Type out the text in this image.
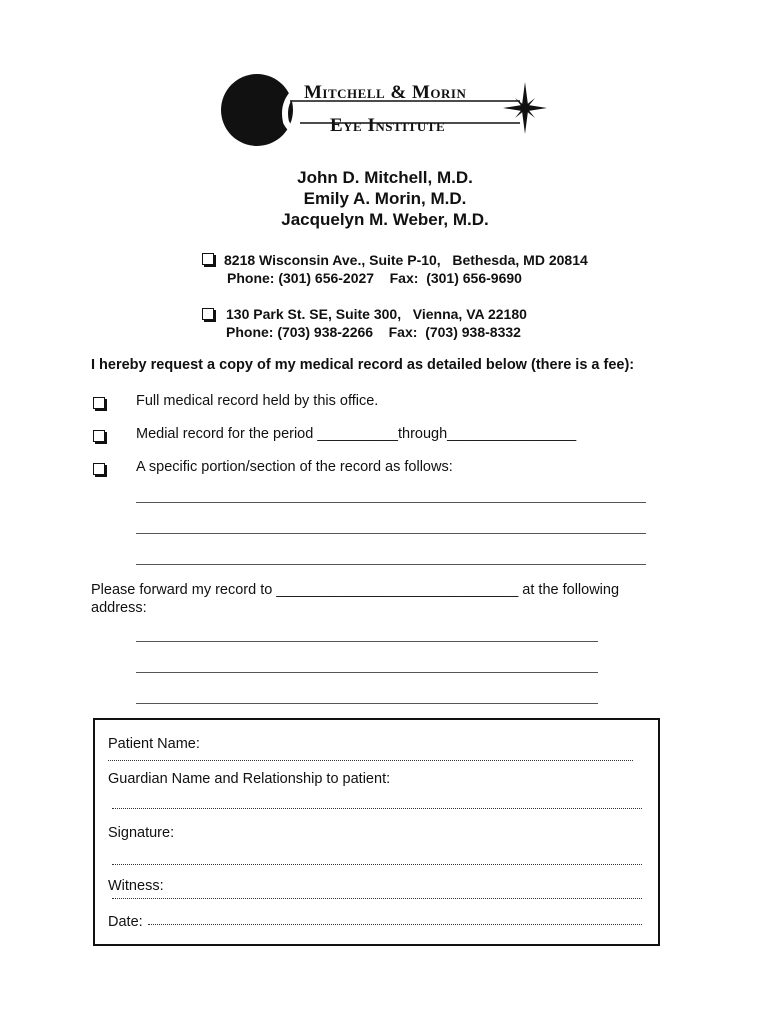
Mitchell & Morin
Eye Institute
John D. Mitchell, M.D.
Emily A. Morin, M.D.
Jacquelyn M. Weber, M.D.
8218 Wisconsin Ave., Suite P-10,   Bethesda, MD 20814
Phone: (301) 656-2027    Fax:  (301) 656-9690
130 Park St. SE, Suite 300,   Vienna, VA 22180
Phone: (703) 938-2266    Fax:  (703) 938-8332
I hereby request a copy of my medical record as detailed below (there is a fee):
Full medical record held by this office.
Medial record for the period __________through________________
A specific portion/section of the record as follows:
Please forward my record to ______________________________ at the following address:
Patient Name:
Guardian Name and Relationship to patient:
Signature:
Witness:
Date:
